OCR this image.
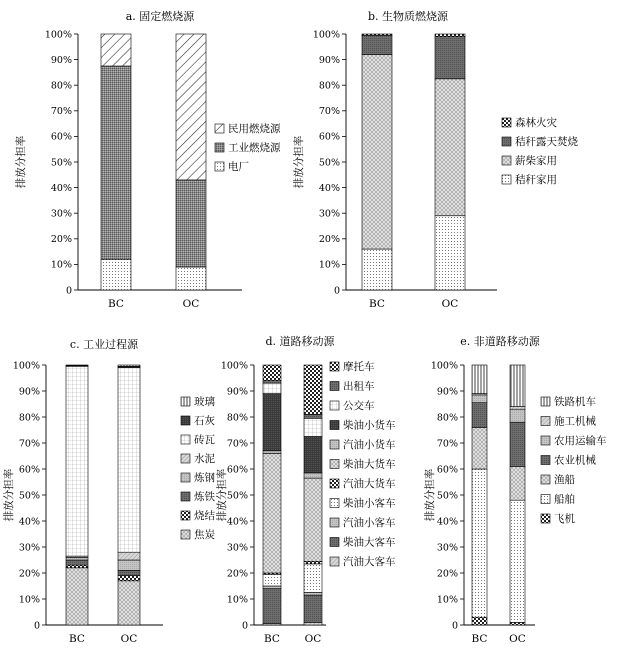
a. 固定燃烧源
排放分担率
0
10%
20%
30%
40%
50%
60%
70%
80%
90%
100%
BC	OC
民用燃烧源
工业燃烧源
电厂
b. 生物质燃烧源
排放分担率
0
10%
20%
30%
40%
50%
60%
70%
80%
90%
100%
BC	OC
森林火灾
秸秆露天焚烧
薪柴家用
秸秆家用
c. 工业过程源
排放分担率
0
10%
20%
30%
40%
50%
60%
70%
80%
90%
100%
BC	OC
玻璃
石灰
砖瓦
水泥
炼钢
炼铁
烧结
焦炭
d. 道路移动源
排放分担率
0
10%
20%
30%
40%
50%
60%
70%
80%
90%
100%
BC OC
摩托车
出租车
公交车
柴油小货车
汽油小货车
柴油大货车
汽油大货车
柴油小客车
汽油小客车
柴油大客车
汽油大客车
e. 非道路移动源
排放分担率
0
10%
20%
30%
40%
50%
60%
70%
80%
90%
100%
BC OC
铁路机车
施工机械
农用运输车
农业机械
渔船
船舶
飞机
